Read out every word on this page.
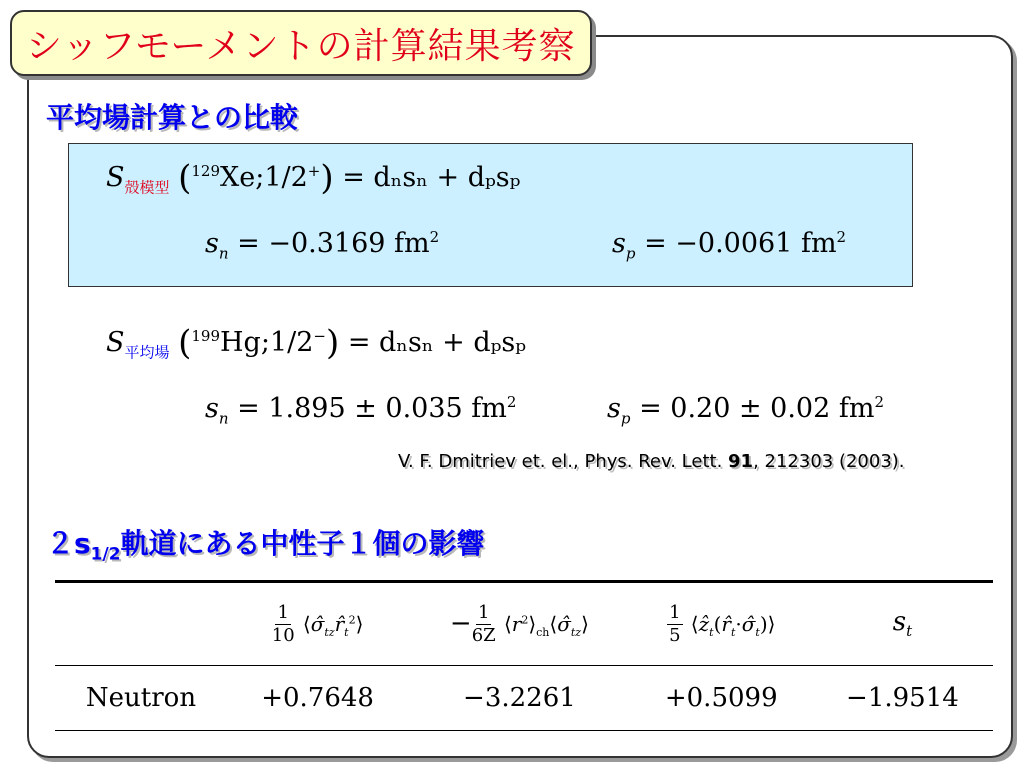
シッフモーメントの計算結果考察
平均場計算との比較
$S_{殻模型}$ ($^{129}$Xe;1/2+) = dₙsₙ + dₚsₚ
$s_n = -0.3169$ $fm^2$	$s_p = -0.0061$ $fm^2$
$S_{平均場}$ ($^{199}$Hg;1/2−) = dₙsₙ + dₚsₚ
$s_n = 1.895 \pm 0.035$ $fm^2$	$s_p = 0.20 \pm 0.02$ $fm^2$
V. F. Dmitriev et. el., Phys. Rev. Lett. 91, 212303 (2003).
$2s_{1/2}$軌道にある中性子１個の影響

	$\frac{1}{10}$ $⟨\sigmâ_{tz}r̂_t^2⟩$	− $\frac{1}{6Z}$ $⟨r^2⟩_{ch}⟨\sigmâ_{tz}⟩$	$\frac{1}{5}$ $⟨ẑ_t(r̂_t\cdot\sigmâ_t)⟩$	$s_t$
Neutron	+0.7648	−3.2261	+0.5099	−1.9514
